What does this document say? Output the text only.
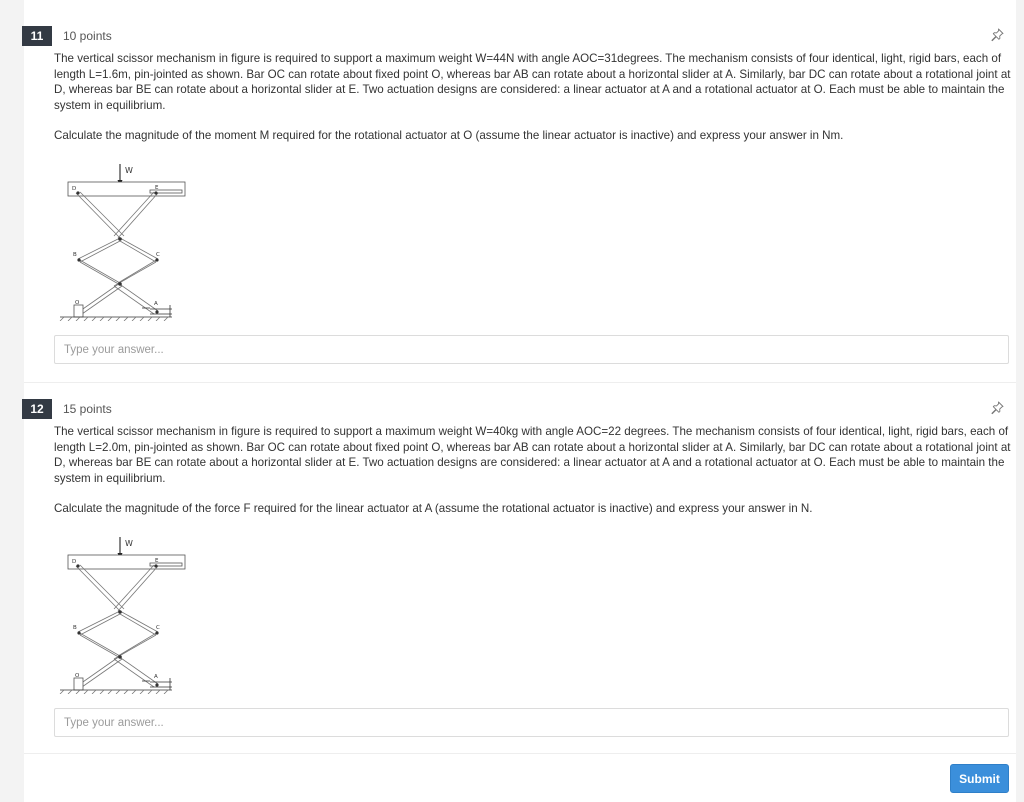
11	10 points
The vertical scissor mechanism in figure is required to support a maximum weight W=44N with angle AOC=31degrees. The mechanism consists of four identical, light, rigid bars, each of length L=1.6m, pin-jointed as shown. Bar OC can rotate about fixed point O, whereas bar AB can rotate about a horizontal slider at A. Similarly, bar DC can rotate about a rotational joint at D, whereas bar BE can rotate about a horizontal slider at E. Two actuation designs are considered: a linear actuator at A and a rotational actuator at O. Each must be able to maintain the system in equilibrium.
Calculate the magnitude of the moment M required for the rotational actuator at O (assume the linear actuator is inactive) and express your answer in Nm.
W
D	E
B	C
O	A
Type your answer...
12	15 points
The vertical scissor mechanism in figure is required to support a maximum weight W=40kg with angle AOC=22 degrees. The mechanism consists of four identical, light, rigid bars, each of length L=2.0m, pin-jointed as shown. Bar OC can rotate about fixed point O, whereas bar AB can rotate about a horizontal slider at A. Similarly, bar DC can rotate about a rotational joint at D, whereas bar BE can rotate about a horizontal slider at E. Two actuation designs are considered: a linear actuator at A and a rotational actuator at O. Each must be able to maintain the system in equilibrium.
Calculate the magnitude of the force F required for the linear actuator at A (assume the rotational actuator is inactive) and express your answer in N.
W
D	E
B	C
O	A
Type your answer...
Submit
